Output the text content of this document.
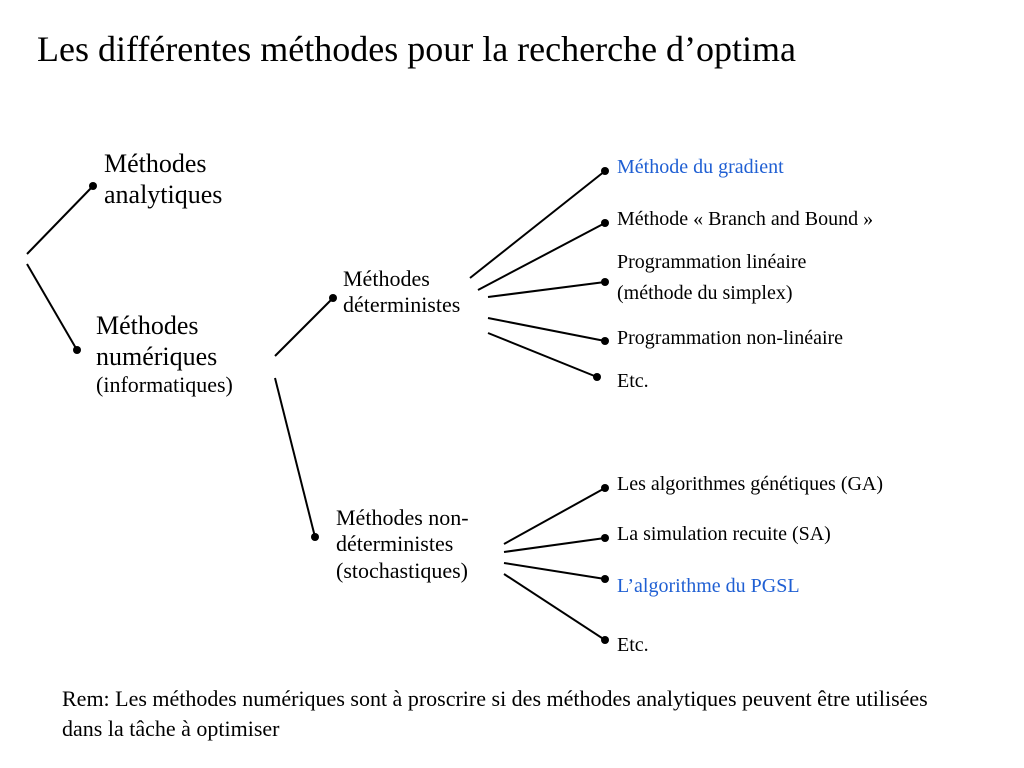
Les différentes méthodes pour la recherche d’optima
Méthodes
analytiques
Méthodes
numériques
(informatiques)
Méthodes
déterministes
Méthodes non-
déterministes
(stochastiques)
Méthode du gradient
Méthode « Branch and Bound »
Programmation linéaire
(méthode du simplex)
Programmation non-linéaire
Etc.
Les algorithmes génétiques (GA)
La simulation recuite (SA)
L’algorithme du PGSL
Etc.
Rem: Les méthodes numériques sont à proscrire si des méthodes analytiques peuvent être utilisées dans la tâche à optimiser
